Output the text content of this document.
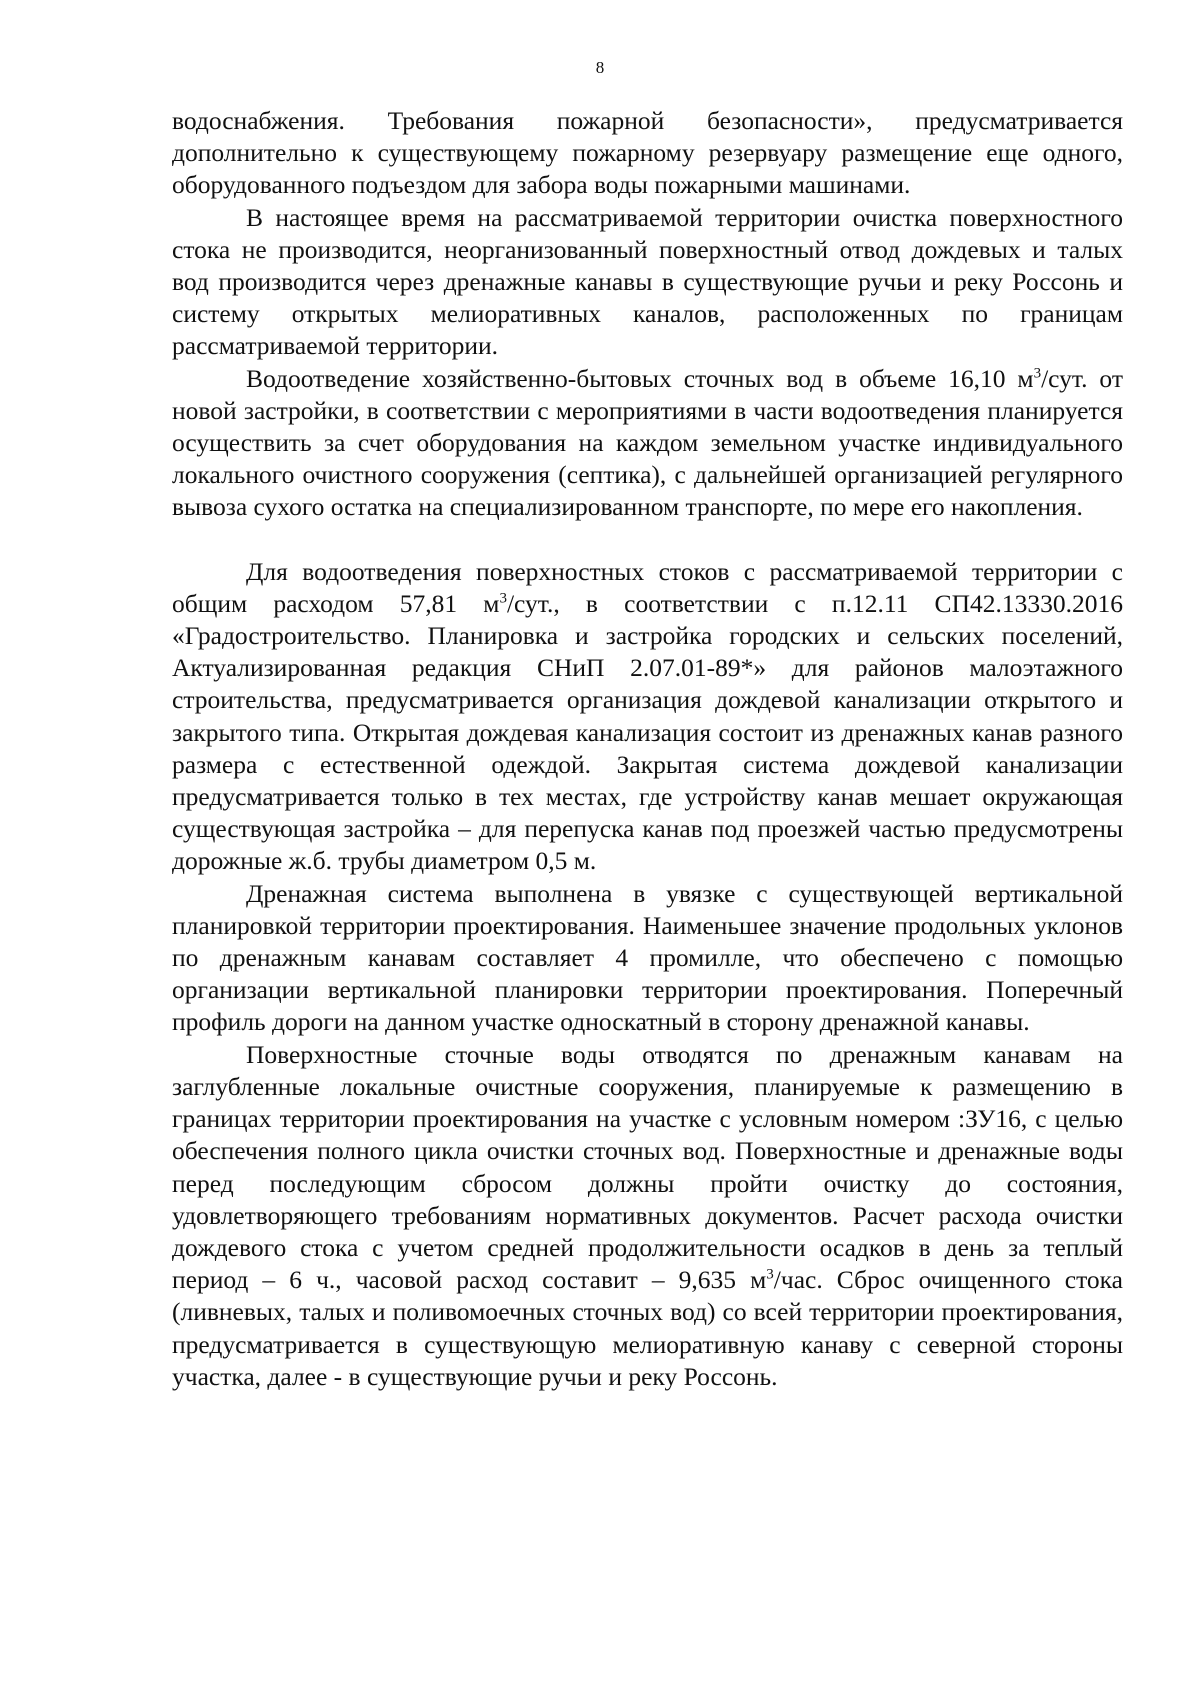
8

водоснабжения. Требования пожарной безопасности», предусматривается дополнительно к существующему пожарному резервуару размещение еще одного, оборудованного подъездом для забора воды пожарными машинами.

В настоящее время на рассматриваемой территории очистка поверхностного стока не производится, неорганизованный поверхностный отвод дождевых и талых вод производится через дренажные канавы в существующие ручьи и реку Россонь и систему открытых мелиоративных каналов, расположенных по границам рассматриваемой территории.

Водоотведение хозяйственно-бытовых сточных вод в объеме 16,10 $м^3$/сут. от новой застройки, в соответствии с мероприятиями в части водоотведения планируется осуществить за счет оборудования на каждом земельном участке индивидуального локального очистного сооружения (септика), с дальнейшей организацией регулярного вывоза сухого остатка на специализированном транспорте, по мере его накопления.

Для водоотведения поверхностных стоков с рассматриваемой территории с общим расходом 57,81 $м^3$/сут., в соответствии с п.12.11 СП42.13330.2016 «Градостроительство. Планировка и застройка городских и сельских поселений, Актуализированная редакция СНиП 2.07.01-89*» для районов малоэтажного строительства, предусматривается организация дождевой канализации открытого и закрытого типа. Открытая дождевая канализация состоит из дренажных канав разного размера с естественной одеждой. Закрытая система дождевой канализации предусматривается только в тех местах, где устройству канав мешает окружающая существующая застройка – для перепуска канав под проезжей частью предусмотрены дорожные ж.б. трубы диаметром 0,5 м.

Дренажная система выполнена в увязке с существующей вертикальной планировкой территории проектирования. Наименьшее значение продольных уклонов по дренажным канавам составляет 4 промилле, что обеспечено с помощью организации вертикальной планировки территории проектирования. Поперечный профиль дороги на данном участке односкатный в сторону дренажной канавы.

Поверхностные сточные воды отводятся по дренажным канавам на заглубленные локальные очистные сооружения, планируемые к размещению в границах территории проектирования на участке с условным номером :ЗУ16, с целью обеспечения полного цикла очистки сточных вод. Поверхностные и дренажные воды перед последующим сбросом должны пройти очистку до состояния, удовлетворяющего требованиям нормативных документов. Расчет расхода очистки дождевого стока с учетом средней продолжительности осадков в день за теплый период – 6 ч., часовой расход составит – 9,635 $м^3$/час. Сброс очищенного стока (ливневых, талых и поливомоечных сточных вод) со всей территории проектирования, предусматривается в существующую мелиоративную канаву с северной стороны участка, далее - в существующие ручьи и реку Россонь.
